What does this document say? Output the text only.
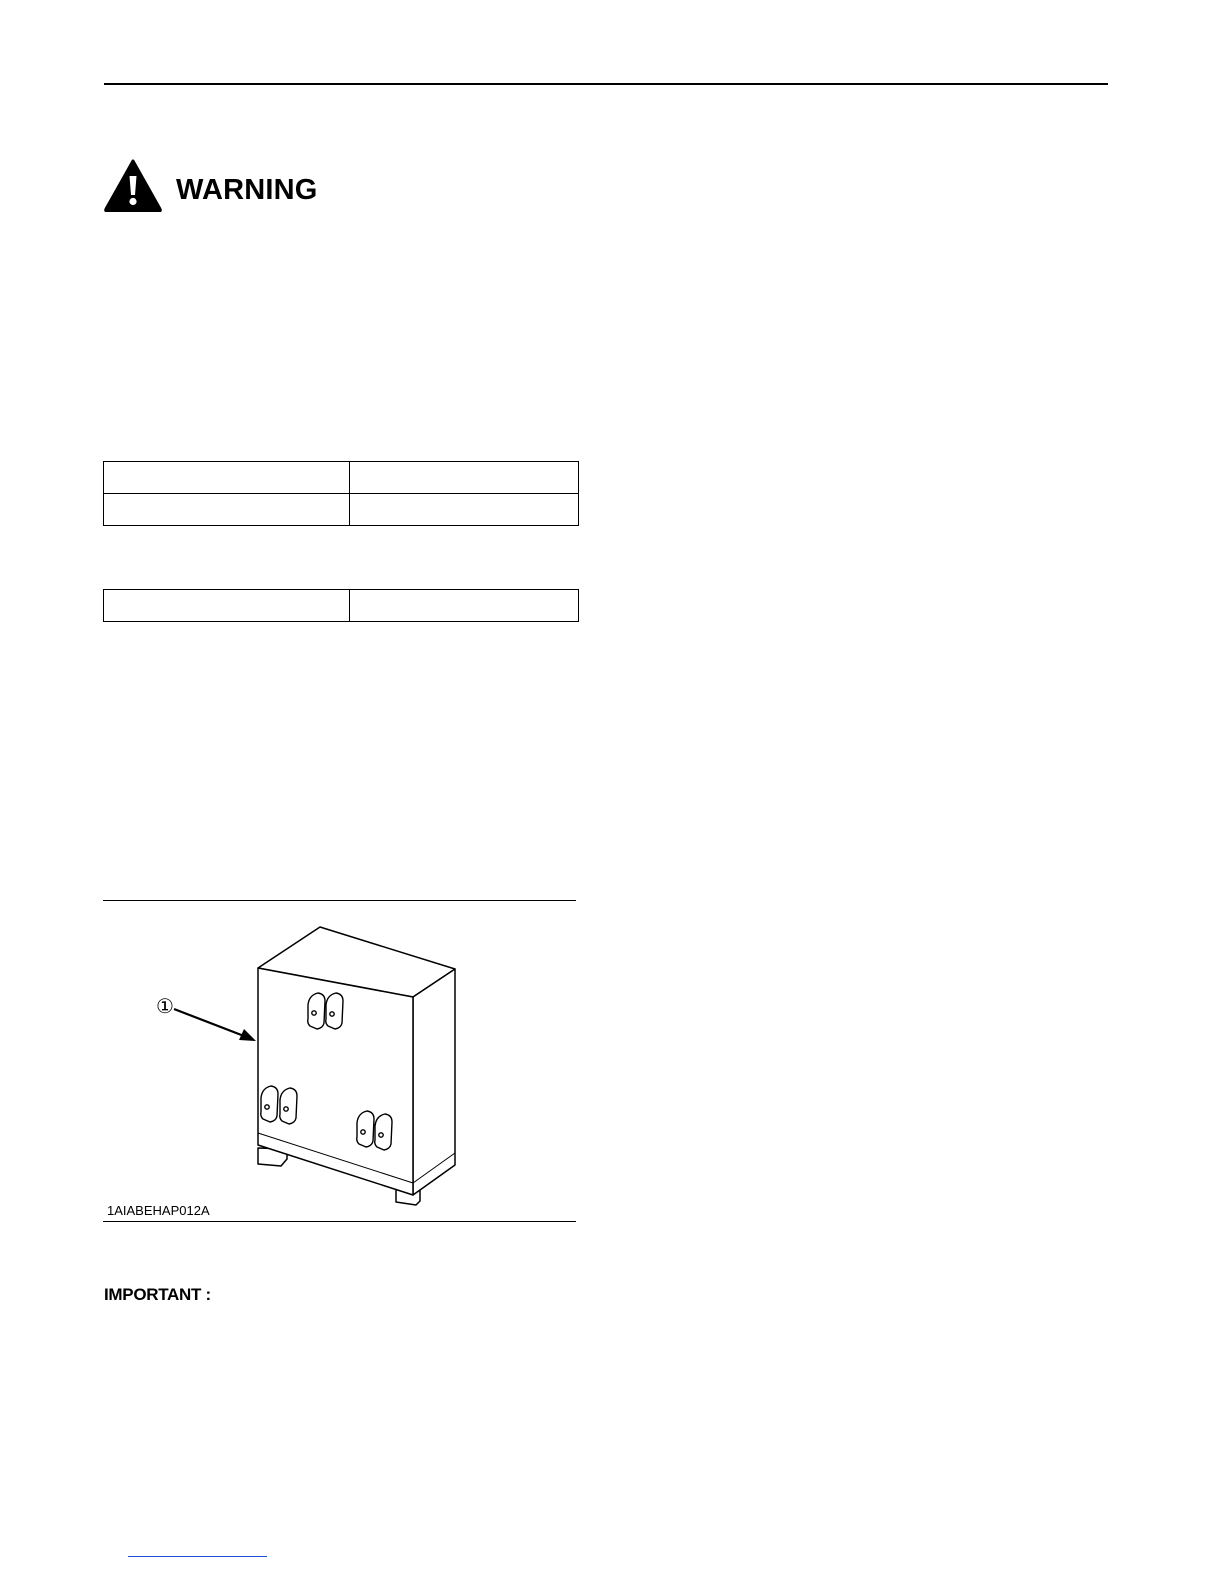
WARNING

①
1AIABEHAP012A
IMPORTANT :
